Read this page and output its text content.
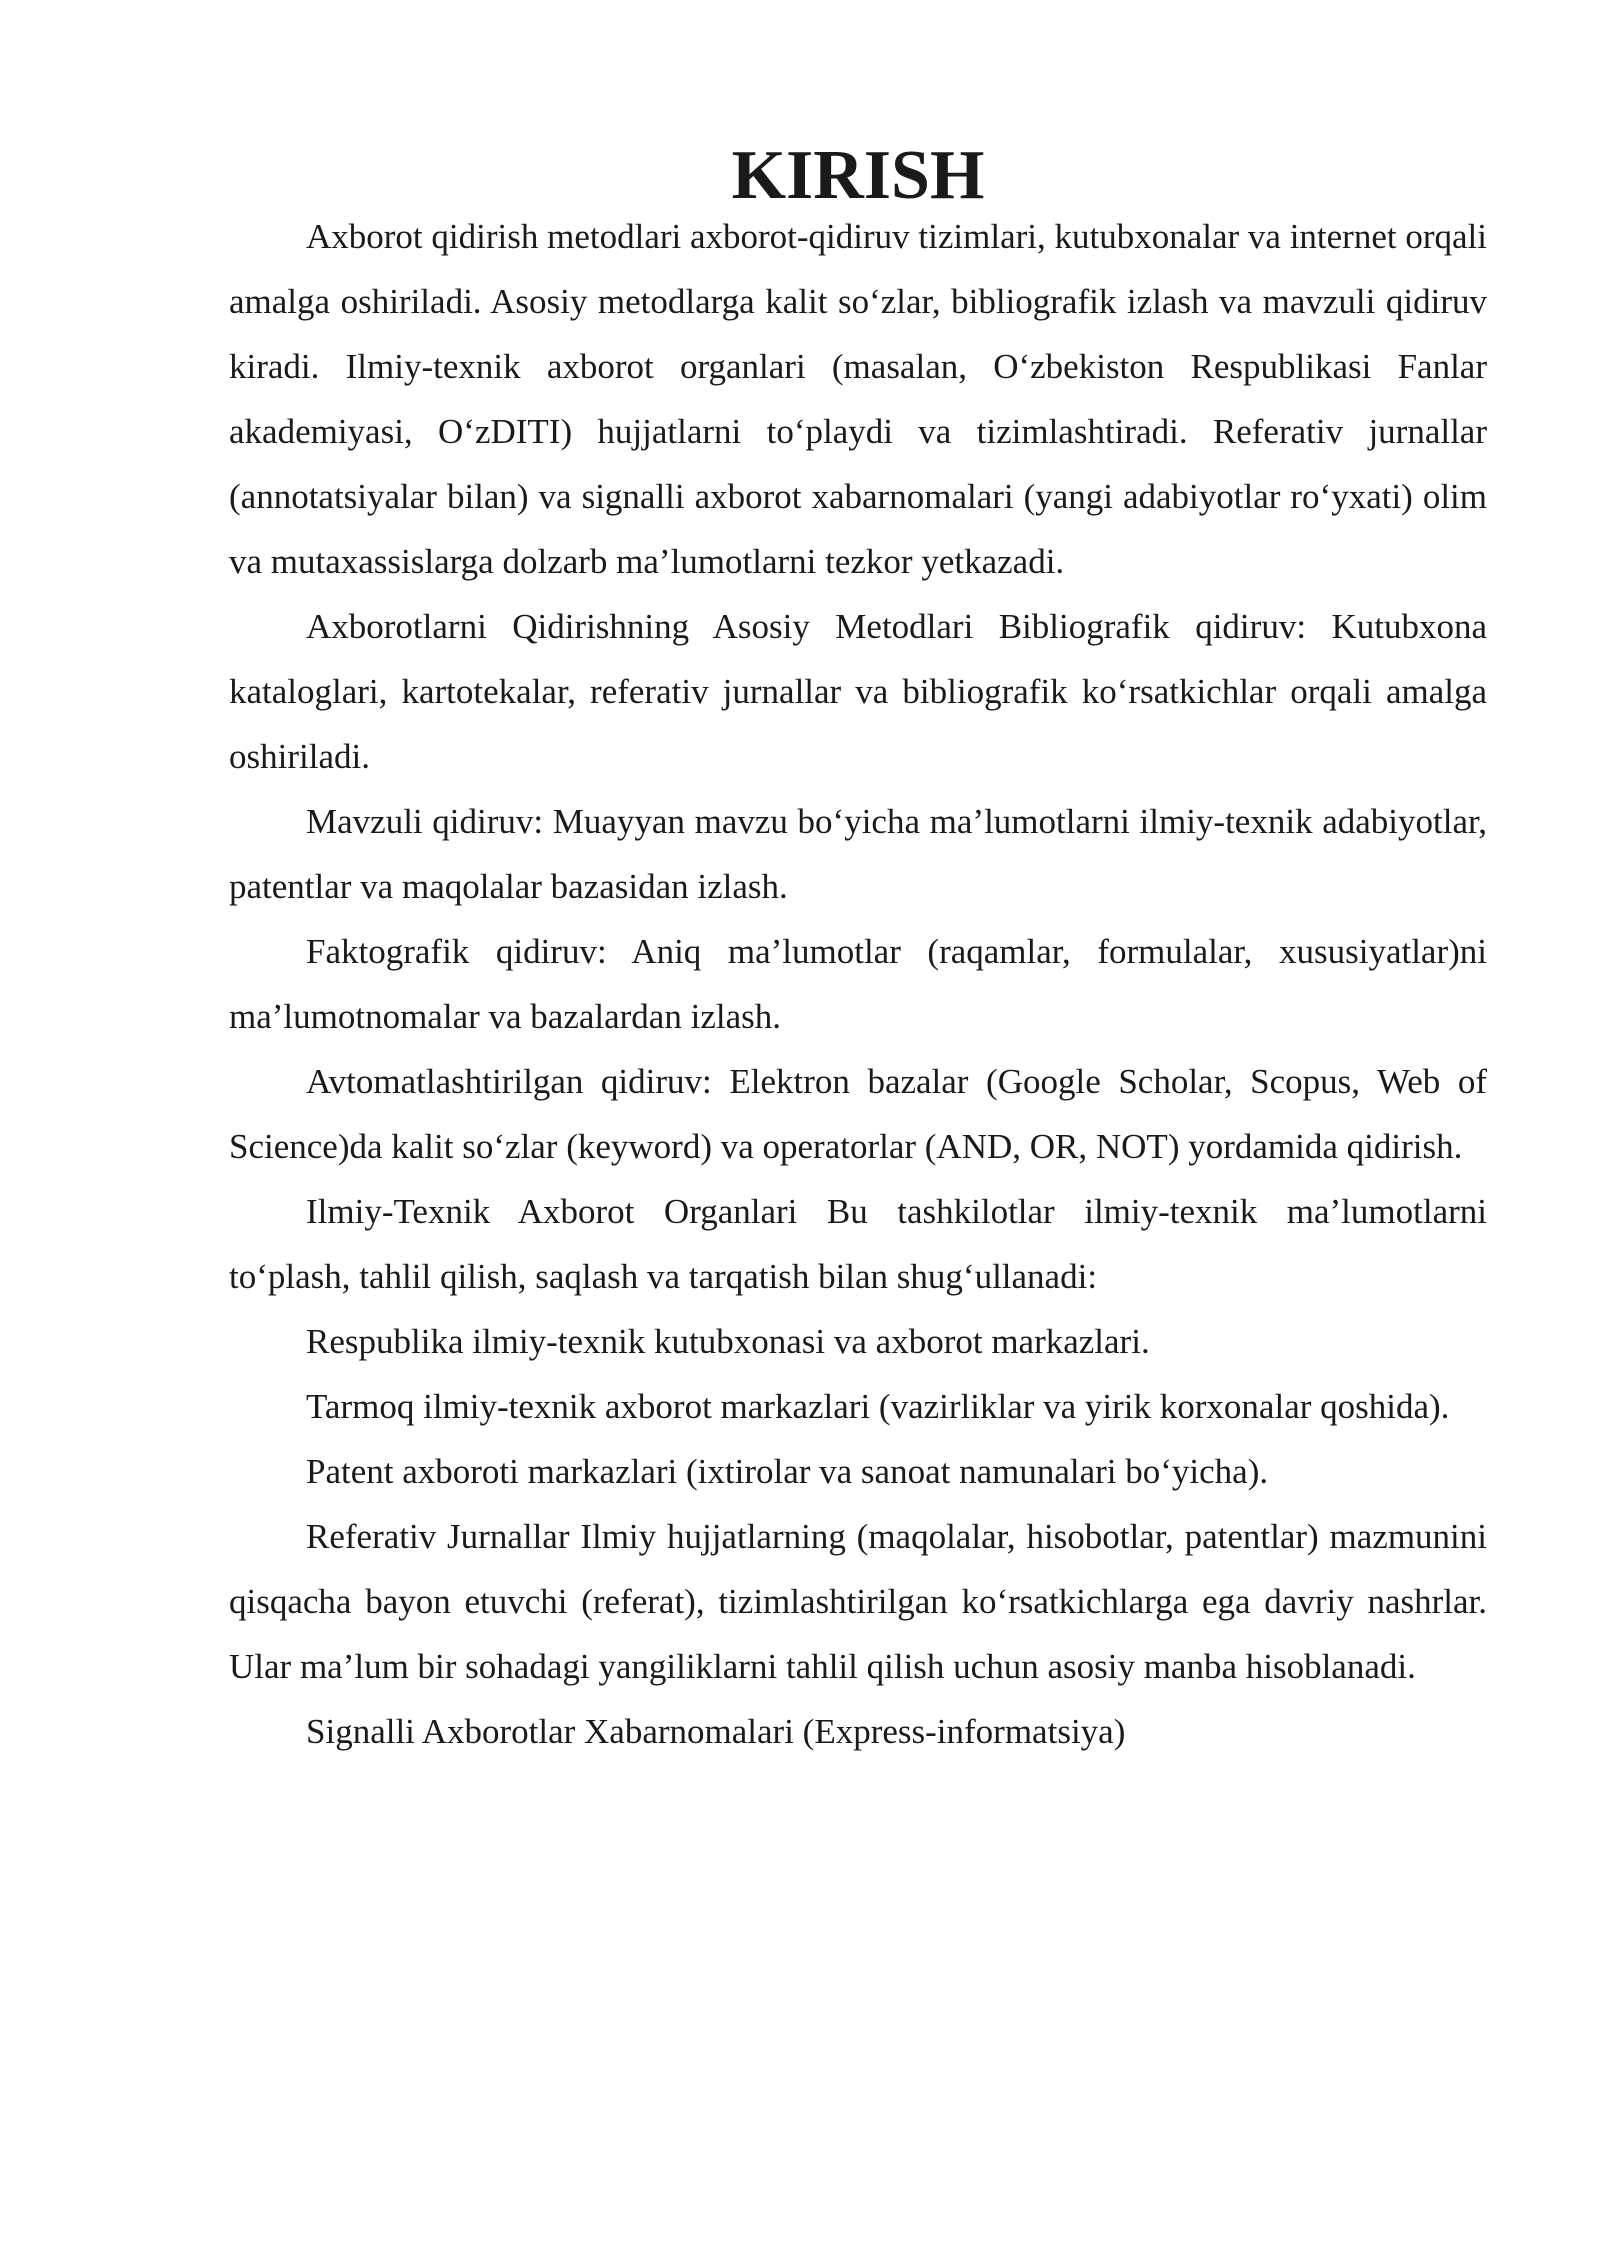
KIRISH

Axborot qidirish metodlari axborot-qidiruv tizimlari, kutubxonalar va internet orqali amalga oshiriladi. Asosiy metodlarga kalit so‘zlar, bibliografik izlash va mavzuli qidiruv kiradi. Ilmiy-texnik axborot organlari (masalan, O‘zbekiston Respublikasi Fanlar akademiyasi, O‘zDITI) hujjatlarni to‘playdi va tizimlashtiradi. Referativ jurnallar (annotatsiyalar bilan) va signalli axborot xabarnomalari (yangi adabiyotlar ro‘yxati) olim va mutaxassislarga dolzarb ma’lumotlarni tezkor yetkazadi.

Axborotlarni Qidirishning Asosiy Metodlari Bibliografik qidiruv: Kutubxona kataloglari, kartotekalar, referativ jurnallar va bibliografik ko‘rsatkichlar orqali amalga oshiriladi.

Mavzuli qidiruv: Muayyan mavzu bo‘yicha ma’lumotlarni ilmiy-texnik adabiyotlar, patentlar va maqolalar bazasidan izlash.

Faktografik qidiruv: Aniq ma’lumotlar (raqamlar, formulalar, xususiyatlar)ni ma’lumotnomalar va bazalardan izlash.

Avtomatlashtirilgan qidiruv: Elektron bazalar (Google Scholar, Scopus, Web of Science)da kalit so‘zlar (keyword) va operatorlar (AND, OR, NOT) yordamida qidirish.

Ilmiy-Texnik Axborot Organlari Bu tashkilotlar ilmiy-texnik ma’lumotlarni to‘plash, tahlil qilish, saqlash va tarqatish bilan shug‘ullanadi:

Respublika ilmiy-texnik kutubxonasi va axborot markazlari.

Tarmoq ilmiy-texnik axborot markazlari (vazirliklar va yirik korxonalar qoshida).

Patent axboroti markazlari (ixtirolar va sanoat namunalari bo‘yicha).

Referativ Jurnallar Ilmiy hujjatlarning (maqolalar, hisobotlar, patentlar) mazmunini qisqacha bayon etuvchi (referat), tizimlashtirilgan ko‘rsatkichlarga ega davriy nashrlar. Ular ma’lum bir sohadagi yangiliklarni tahlil qilish uchun asosiy manba hisoblanadi.

Signalli Axborotlar Xabarnomalari (Express-informatsiya)
